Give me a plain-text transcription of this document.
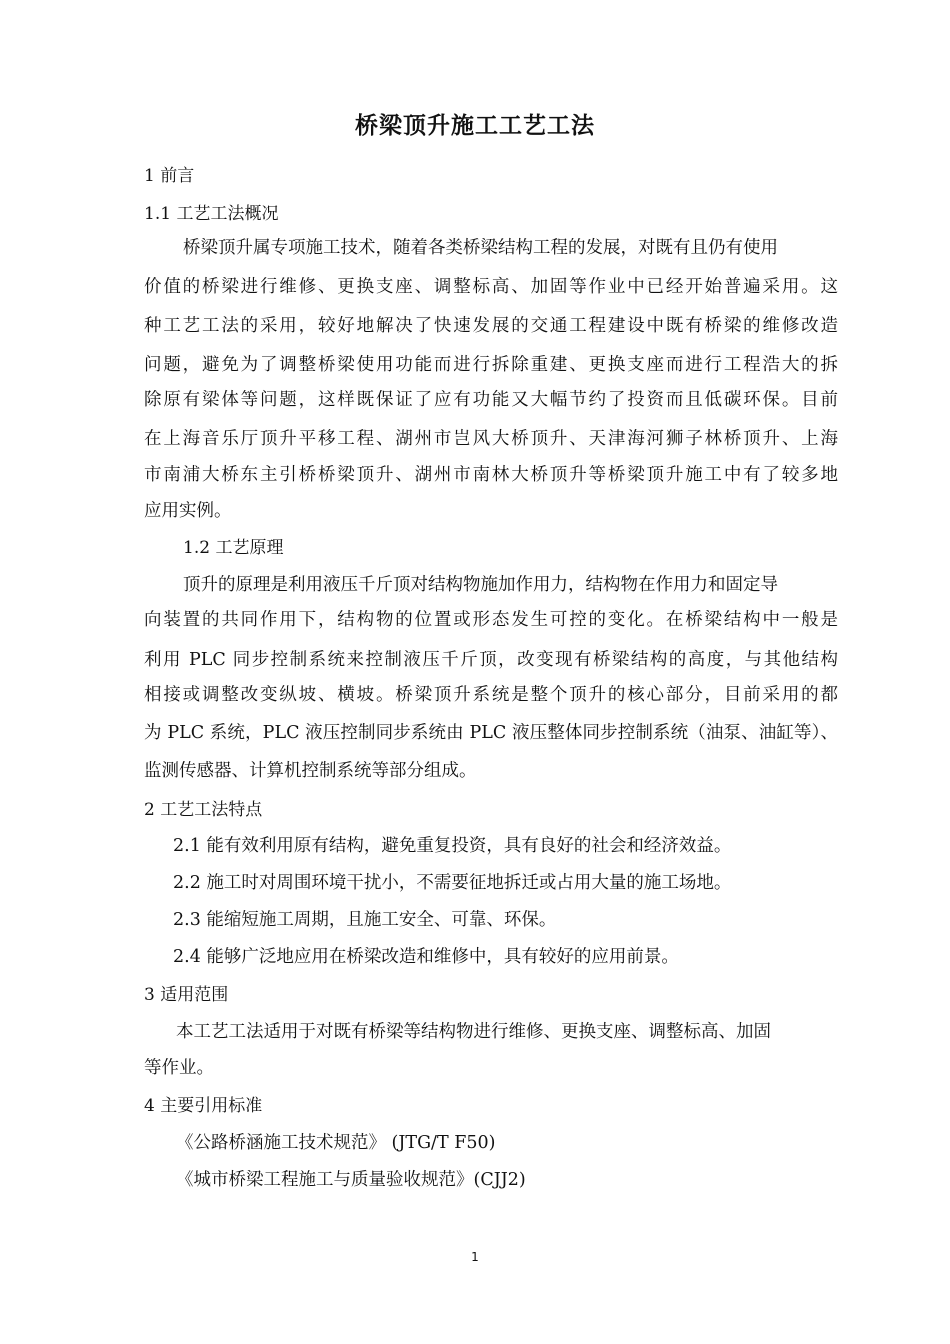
桥梁顶升施工工艺工法
1 前言
1.1 工艺工法概况
桥梁顶升属专项施工技术，随着各类桥梁结构工程的发展，对既有且仍有使用
价值的桥梁进行维修、更换支座、调整标高、加固等作业中已经开始普遍采用。这
种工艺工法的采用，较好地解决了快速发展的交通工程建设中既有桥梁的维修改造
问题，避免为了调整桥梁使用功能而进行拆除重建、更换支座而进行工程浩大的拆
除原有梁体等问题，这样既保证了应有功能又大幅节约了投资而且低碳环保。目前
在上海音乐厅顶升平移工程、湖州市岂风大桥顶升、天津海河狮子林桥顶升、上海
市南浦大桥东主引桥桥梁顶升、湖州市南林大桥顶升等桥梁顶升施工中有了较多地
应用实例。
1.2 工艺原理
顶升的原理是利用液压千斤顶对结构物施加作用力，结构物在作用力和固定导
向装置的共同作用下，结构物的位置或形态发生可控的变化。在桥梁结构中一般是
利用 PLC 同步控制系统来控制液压千斤顶，改变现有桥梁结构的高度，与其他结构
相接或调整改变纵坡、横坡。桥梁顶升系统是整个顶升的核心部分，目前采用的都
为 PLC 系统，PLC 液压控制同步系统由 PLC 液压整体同步控制系统（油泵、油缸等）、
监测传感器、计算机控制系统等部分组成。
2 工艺工法特点
2.1 能有效利用原有结构，避免重复投资，具有良好的社会和经济效益。
2.2 施工时对周围环境干扰小，不需要征地拆迁或占用大量的施工场地。
2.3 能缩短施工周期，且施工安全、可靠、环保。
2.4 能够广泛地应用在桥梁改造和维修中，具有较好的应用前景。
3 适用范围
本工艺工法适用于对既有桥梁等结构物进行维修、更换支座、调整标高、加固
等作业。
4 主要引用标准
《公路桥涵施工技术规范》 (JTG/T F50)
《城市桥梁工程施工与质量验收规范》(CJJ2)
1
